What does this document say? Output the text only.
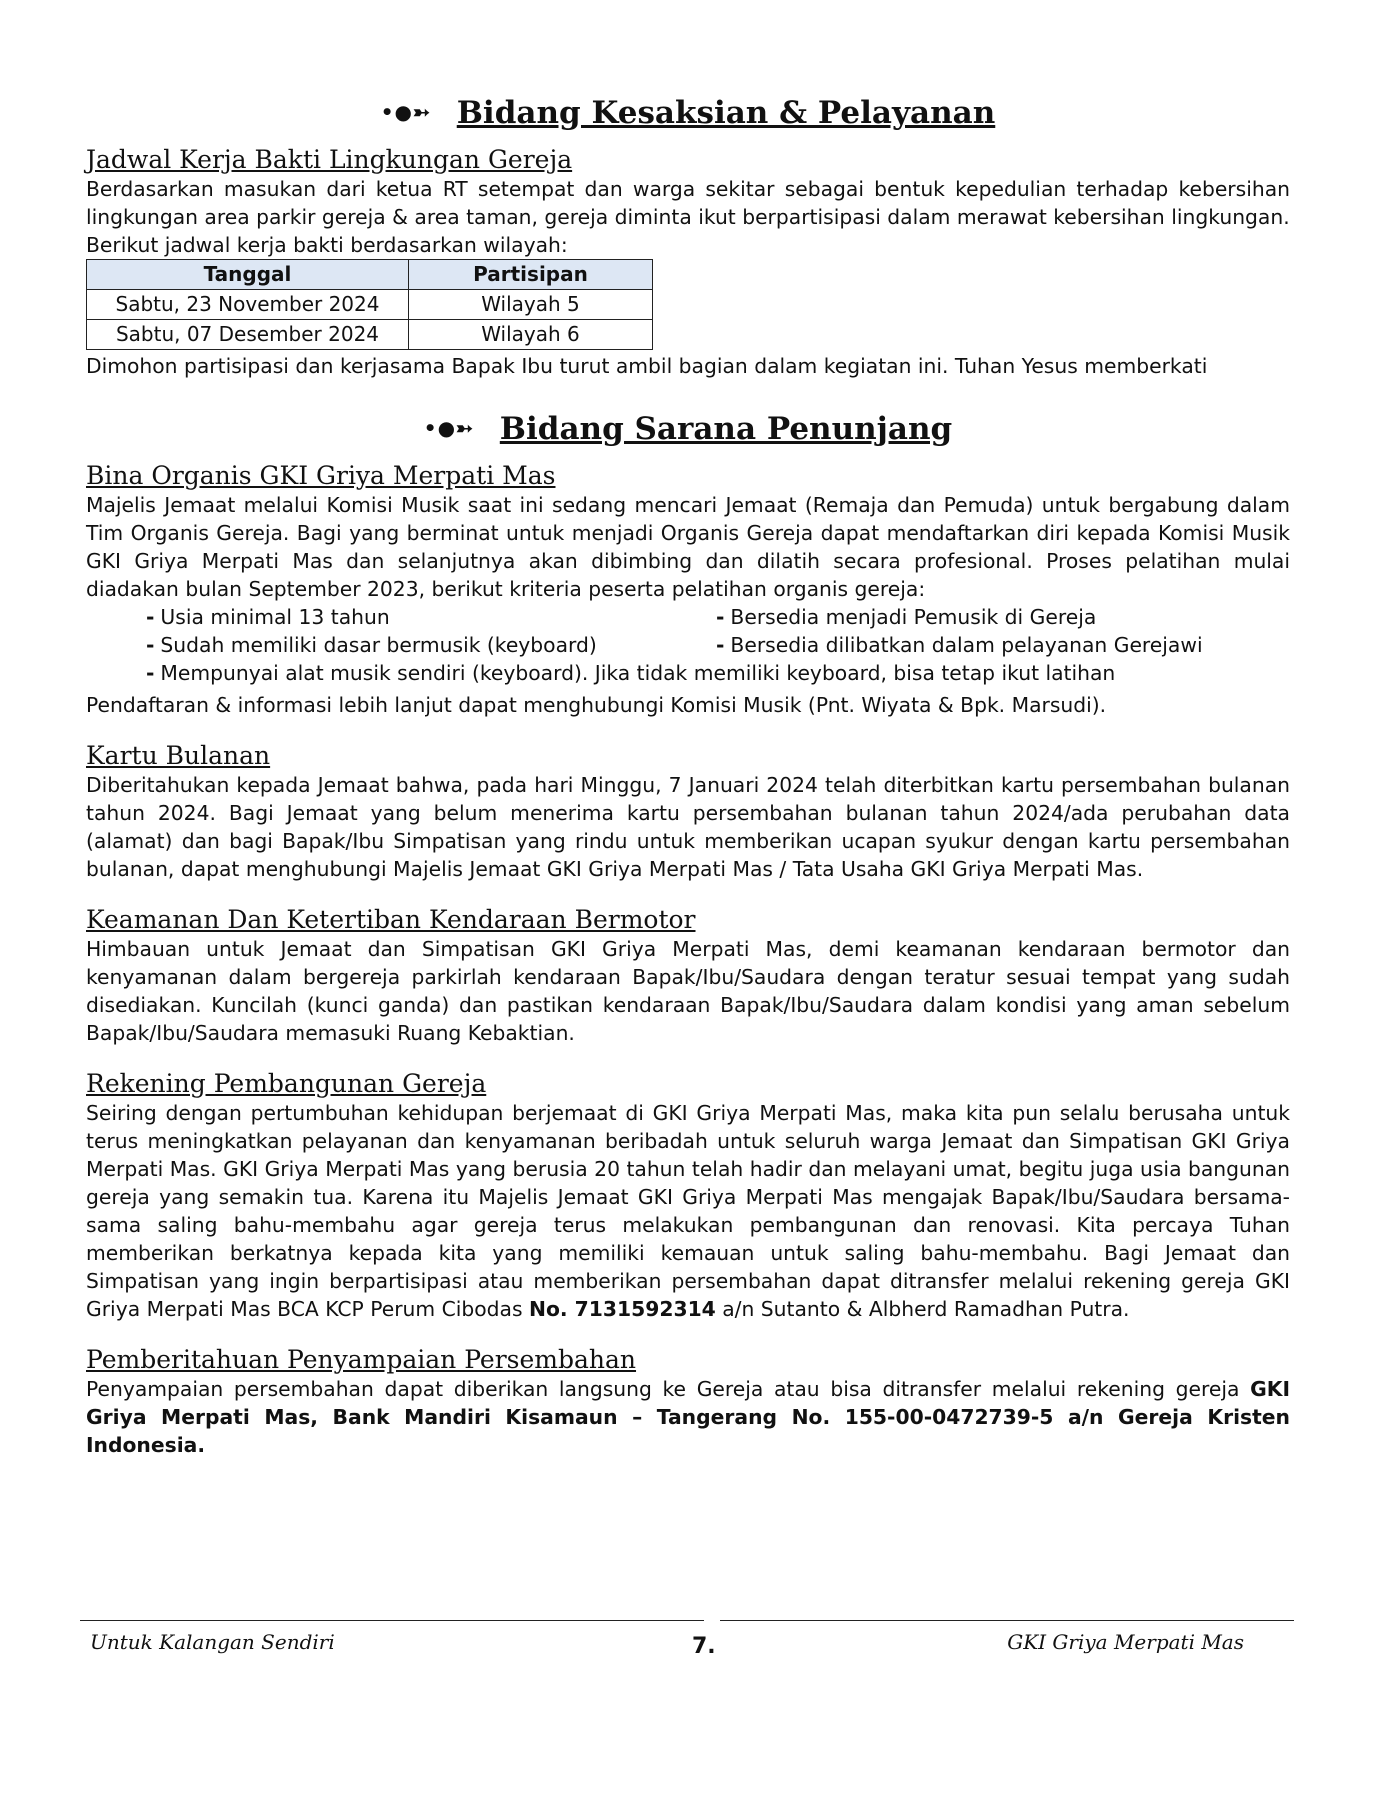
•●➳ Bidang Kesaksian & Pelayanan
Jadwal Kerja Bakti Lingkungan Gereja

Berdasarkan masukan dari ketua RT setempat dan warga sekitar sebagai bentuk kepedulian terhadap kebersihan lingkungan area parkir gereja & area taman, gereja diminta ikut berpartisipasi dalam merawat kebersihan lingkungan.

Berikut jadwal kerja bakti berdasarkan wilayah:

Tanggal	Partisipan
Sabtu, 23 November 2024	Wilayah 5
Sabtu, 07 Desember 2024	Wilayah 6

Dimohon partisipasi dan kerjasama Bapak Ibu turut ambil bagian dalam kegiatan ini. Tuhan Yesus memberkati

•●➳ Bidang Sarana Penunjang
Bina Organis GKI Griya Merpati Mas

Majelis Jemaat melalui Komisi Musik saat ini sedang mencari Jemaat (Remaja dan Pemuda) untuk bergabung dalam Tim Organis Gereja. Bagi yang berminat untuk menjadi Organis Gereja dapat mendaftarkan diri kepada Komisi Musik GKI Griya Merpati Mas dan selanjutnya akan dibimbing dan dilatih secara profesional. Proses pelatihan mulai diadakan bulan September 2023, berikut kriteria peserta pelatihan organis gereja:

- Usia minimal 13 tahun	- Bersedia menjadi Pemusik di Gereja
- Sudah memiliki dasar bermusik (keyboard)	- Bersedia dilibatkan dalam pelayanan Gerejawi
- Mempunyai alat musik sendiri (keyboard). Jika tidak memiliki keyboard, bisa tetap ikut latihan

Pendaftaran & informasi lebih lanjut dapat menghubungi Komisi Musik (Pnt. Wiyata & Bpk. Marsudi).

Kartu Bulanan

Diberitahukan kepada Jemaat bahwa, pada hari Minggu, 7 Januari 2024 telah diterbitkan kartu persembahan bulanan tahun 2024. Bagi Jemaat yang belum menerima kartu persembahan bulanan tahun 2024/ada perubahan data (alamat) dan bagi Bapak/Ibu Simpatisan yang rindu untuk memberikan ucapan syukur dengan kartu persembahan bulanan, dapat menghubungi Majelis Jemaat GKI Griya Merpati Mas / Tata Usaha GKI Griya Merpati Mas.

Keamanan Dan Ketertiban Kendaraan Bermotor

Himbauan untuk Jemaat dan Simpatisan GKI Griya Merpati Mas, demi keamanan kendaraan bermotor dan kenyamanan dalam bergereja parkirlah kendaraan Bapak/Ibu/Saudara dengan teratur sesuai tempat yang sudah disediakan. Kuncilah (kunci ganda) dan pastikan kendaraan Bapak/Ibu/Saudara dalam kondisi yang aman sebelum Bapak/Ibu/Saudara memasuki Ruang Kebaktian.

Rekening Pembangunan Gereja

Seiring dengan pertumbuhan kehidupan berjemaat di GKI Griya Merpati Mas, maka kita pun selalu berusaha untuk terus meningkatkan pelayanan dan kenyamanan beribadah untuk seluruh warga Jemaat dan Simpatisan GKI Griya Merpati Mas. GKI Griya Merpati Mas yang berusia 20 tahun telah hadir dan melayani umat, begitu juga usia bangunan gereja yang semakin tua. Karena itu Majelis Jemaat GKI Griya Merpati Mas mengajak Bapak/Ibu/Saudara bersama-sama saling bahu-membahu agar gereja terus melakukan pembangunan dan renovasi. Kita percaya Tuhan memberikan berkatnya kepada kita yang memiliki kemauan untuk saling bahu-membahu. Bagi Jemaat dan Simpatisan yang ingin berpartisipasi atau memberikan persembahan dapat ditransfer melalui rekening gereja GKI Griya Merpati Mas BCA KCP Perum Cibodas No. 7131592314 a/n Sutanto & Albherd Ramadhan Putra.

Pemberitahuan Penyampaian Persembahan

Penyampaian persembahan dapat diberikan langsung ke Gereja atau bisa ditransfer melalui rekening gereja GKI Griya Merpati Mas, Bank Mandiri Kisamaun – Tangerang No. 155-00-0472739-5 a/n Gereja Kristen Indonesia.

Untuk Kalangan Sendiri	7.	GKI Griya Merpati Mas
